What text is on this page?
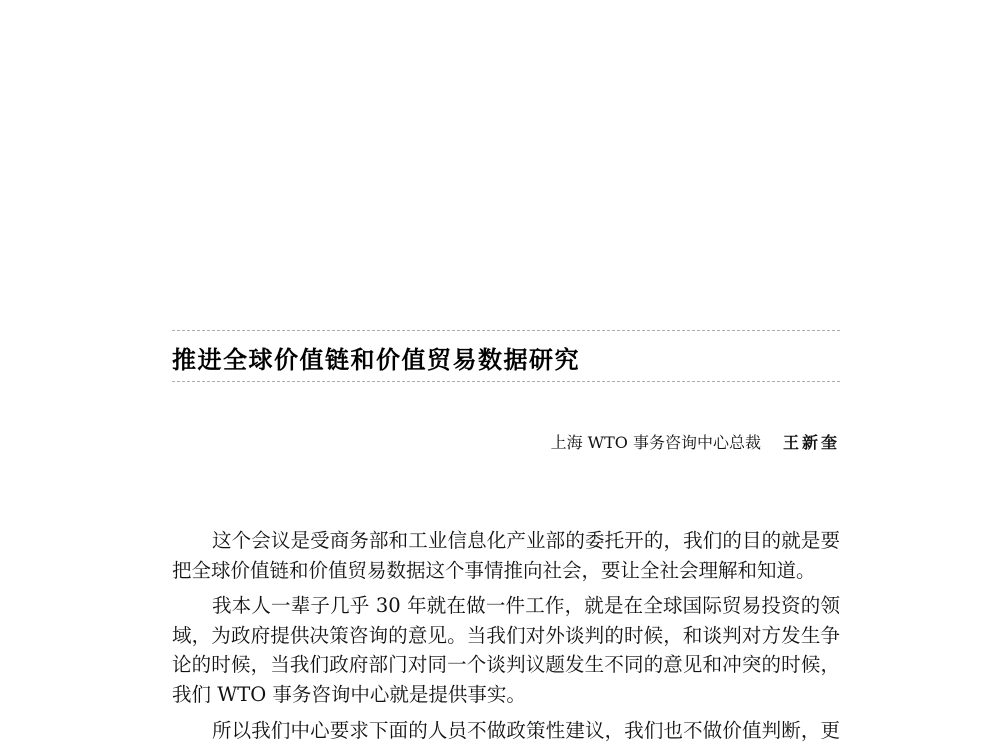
推进全球价值链和价值贸易数据研究
上海 WTO 事务咨询中心总裁 王新奎
这个会议是受商务部和工业信息化产业部的委托开的，我们的目的就是要
把全球价值链和价值贸易数据这个事情推向社会，要让全社会理解和知道。
我本人一辈子几乎 30 年就在做一件工作，就是在全球国际贸易投资的领
域，为政府提供决策咨询的意见。当我们对外谈判的时候，和谈判对方发生争
论的时候，当我们政府部门对同一个谈判议题发生不同的意见和冲突的时候，
我们 WTO 事务咨询中心就是提供事实。
所以我们中心要求下面的人员不做政策性建议，我们也不做价值判断，更
